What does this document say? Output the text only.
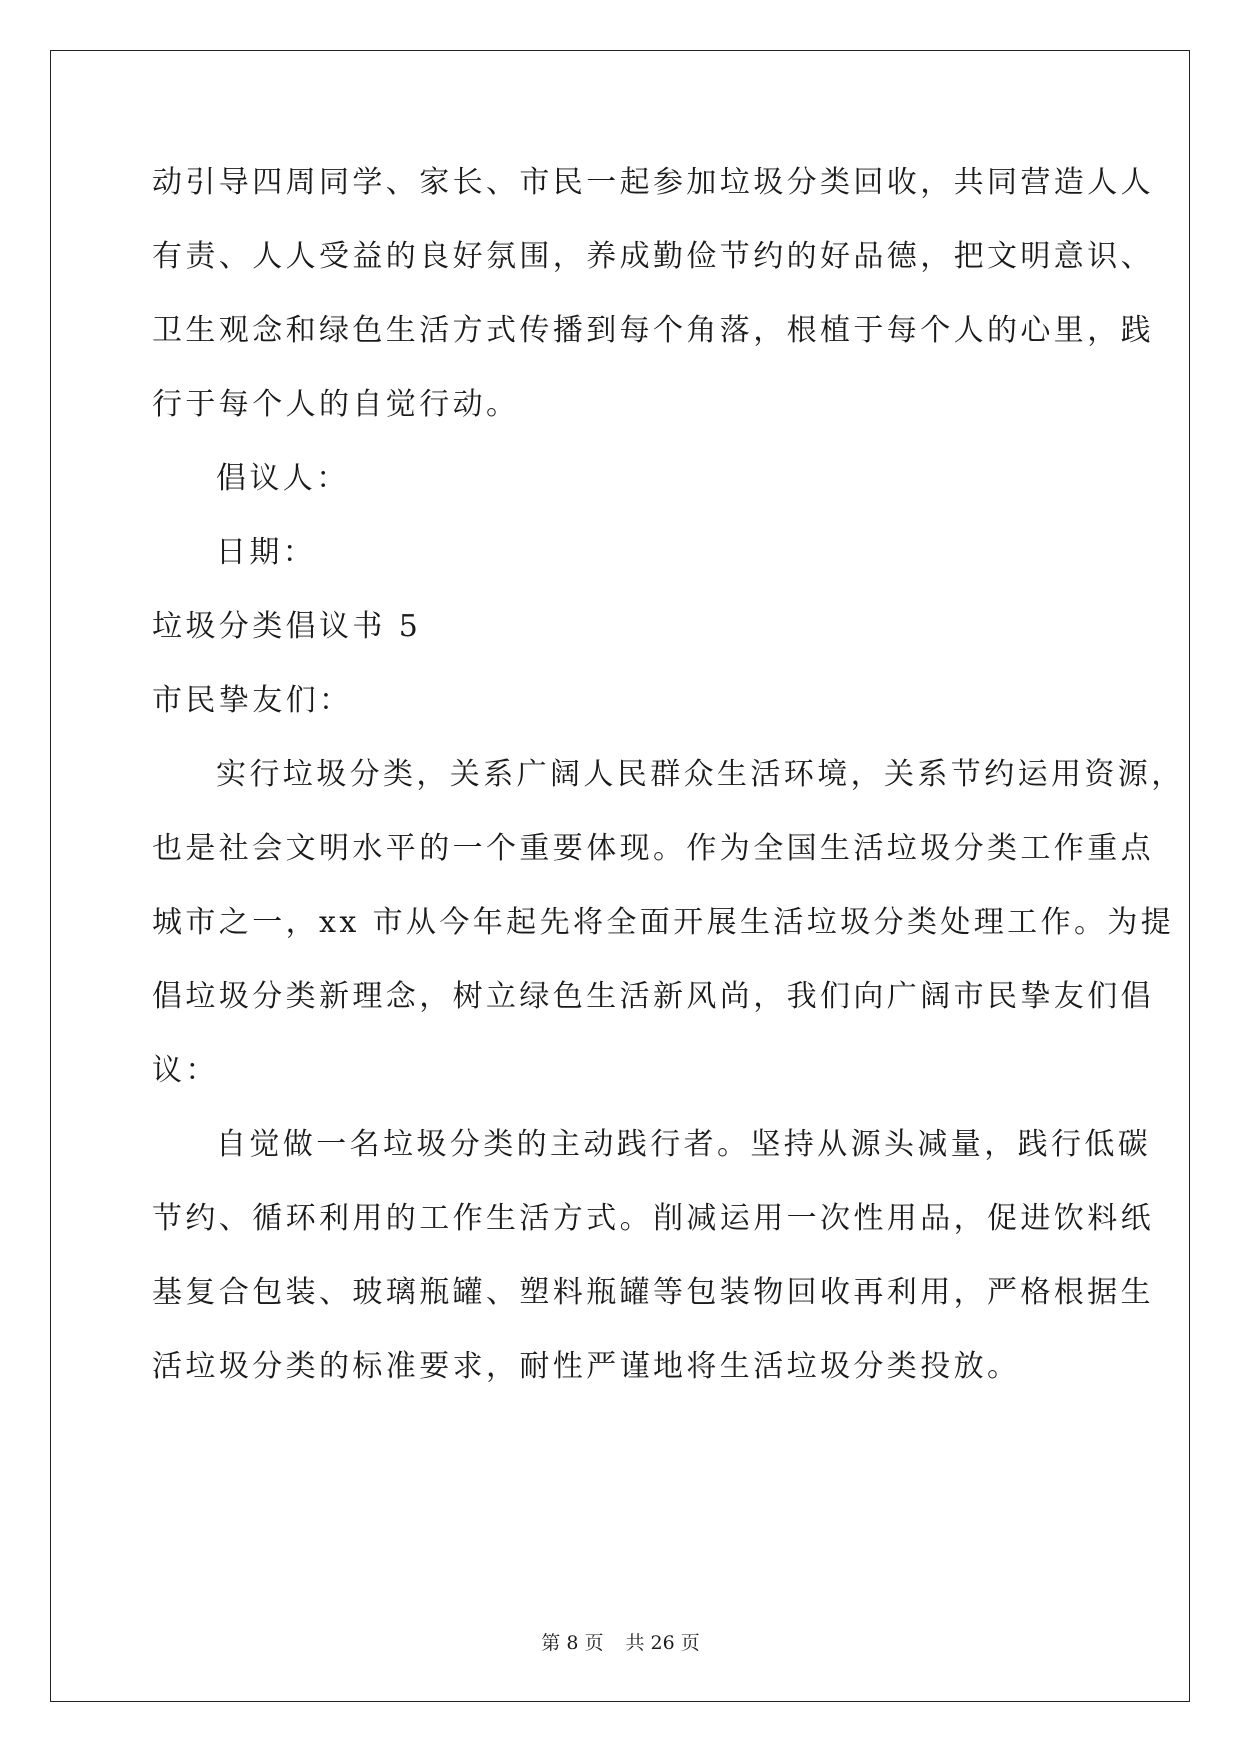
动引导四周同学、家长、市民一起参加垃圾分类回收，共同营造人人
有责、人人受益的良好氛围，养成勤俭节约的好品德，把文明意识、
卫生观念和绿色生活方式传播到每个角落，根植于每个人的心里，践
行于每个人的自觉行动。
倡议人：
日期：
垃圾分类倡议书 5
市民挚友们：
实行垃圾分类，关系广阔人民群众生活环境，关系节约运用资源，
也是社会文明水平的一个重要体现。作为全国生活垃圾分类工作重点
城市之一，xx 市从今年起先将全面开展生活垃圾分类处理工作。为提
倡垃圾分类新理念，树立绿色生活新风尚，我们向广阔市民挚友们倡
议：
自觉做一名垃圾分类的主动践行者。坚持从源头减量，践行低碳
节约、循环利用的工作生活方式。削减运用一次性用品，促进饮料纸
基复合包装、玻璃瓶罐、塑料瓶罐等包装物回收再利用，严格根据生
活垃圾分类的标准要求，耐性严谨地将生活垃圾分类投放。
第 8 页 共 26 页
